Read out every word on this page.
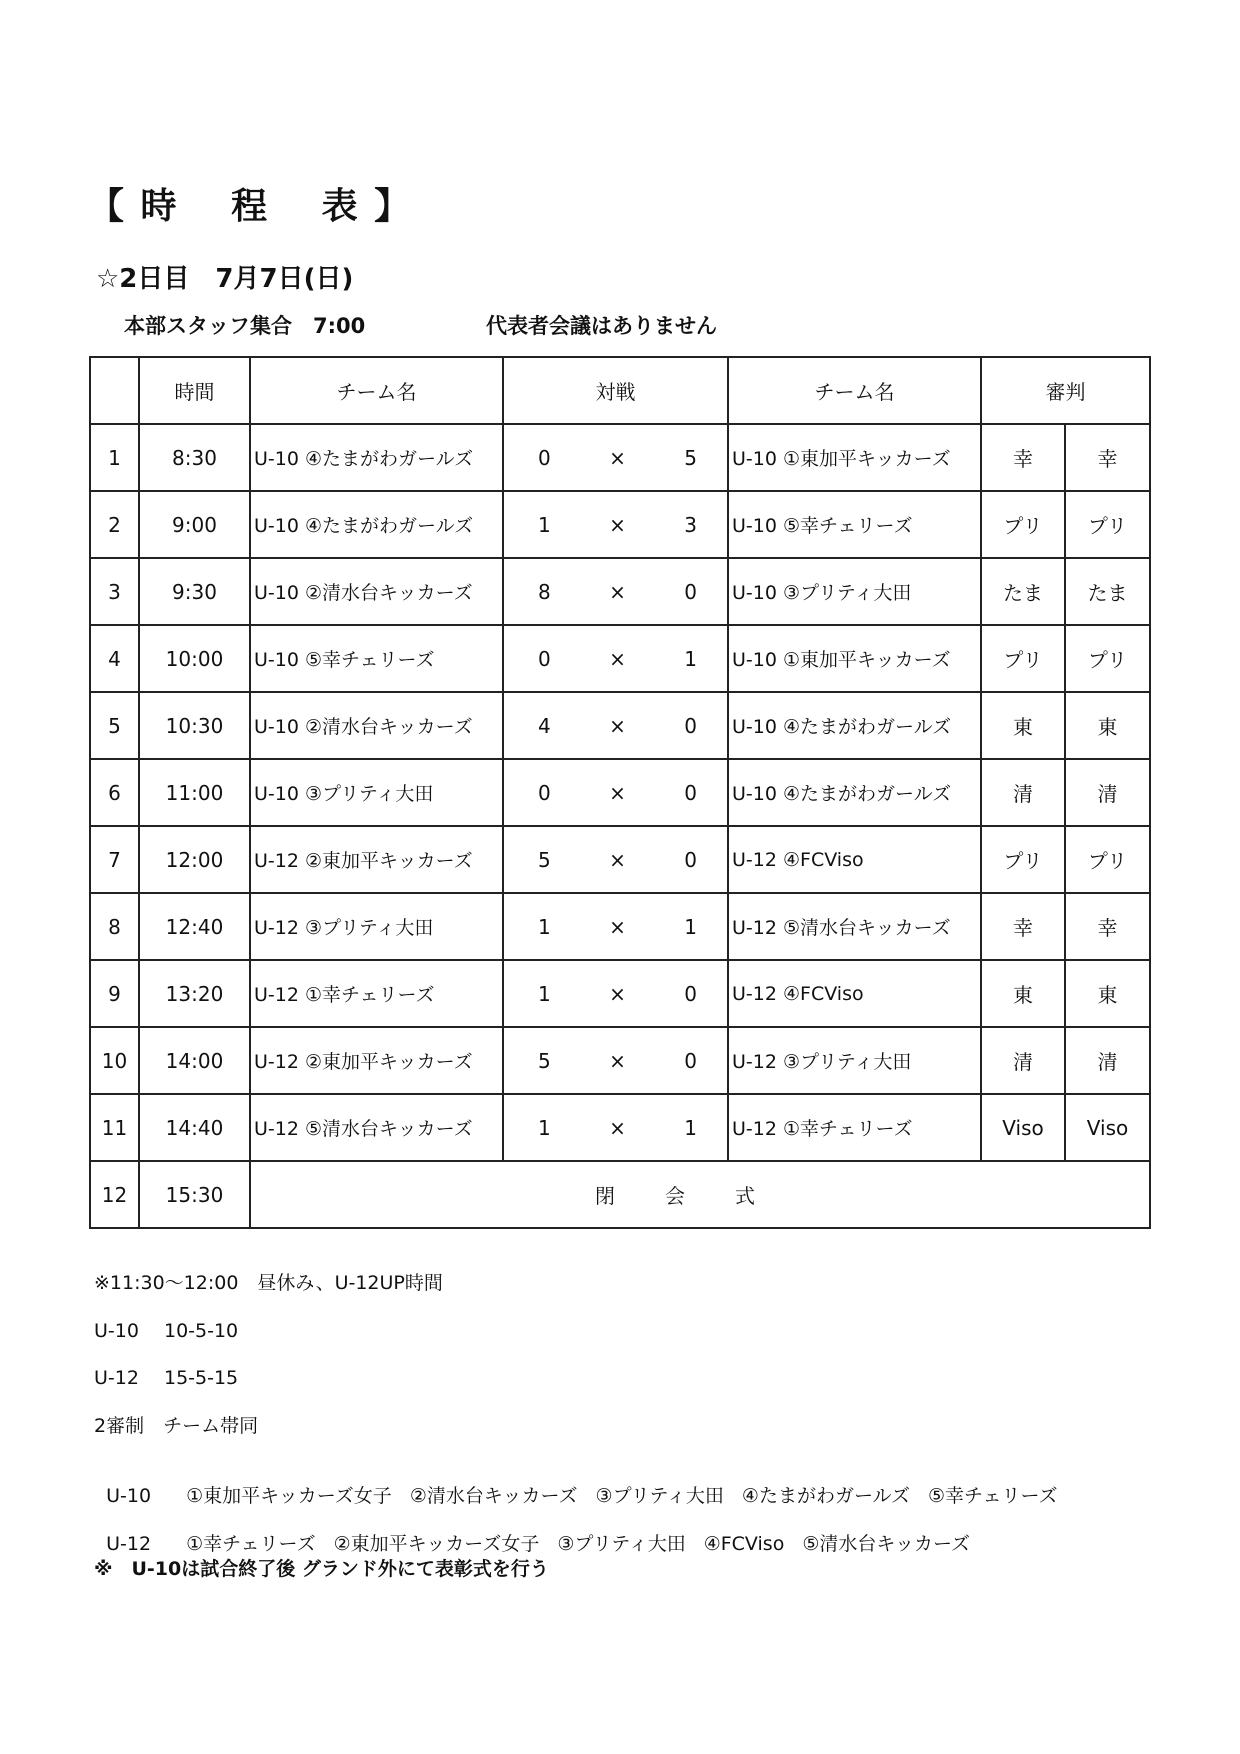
【 時　 程　 表 】
☆2日目　7月7日(日)
本部スタッフ集合　7:00	代表者会議はありません
	時間	チーム名	対戦	チーム名	審判	
1	8:30	U-10 ④たまがわガールズ	0 × 5	U-10 ①東加平キッカーズ	幸	幸
2	9:00	U-10 ④たまがわガールズ	1 × 3	U-10 ⑤幸チェリーズ	プリ	プリ
3	9:30	U-10 ②清水台キッカーズ	8 × 0	U-10 ③プリティ大田	たま	たま
4	10:00	U-10 ⑤幸チェリーズ	0 × 1	U-10 ①東加平キッカーズ	プリ	プリ
5	10:30	U-10 ②清水台キッカーズ	4 × 0	U-10 ④たまがわガールズ	東	東
6	11:00	U-10 ③プリティ大田	0 × 0	U-10 ④たまがわガールズ	清	清
7	12:00	U-12 ②東加平キッカーズ	5 × 0	U-12 ④FCViso	プリ	プリ
8	12:40	U-12 ③プリティ大田	1 × 1	U-12 ⑤清水台キッカーズ	幸	幸
9	13:20	U-12 ①幸チェリーズ	1 × 0	U-12 ④FCViso	東	東
10	14:00	U-12 ②東加平キッカーズ	5 × 0	U-12 ③プリティ大田	清	清
11	14:40	U-12 ⑤清水台キッカーズ	1 × 1	U-12 ①幸チェリーズ	Viso	Viso
12	15:30	閉会式				
※11:30〜12:00　昼休み、U-12UP時間
U-10　 10-5-10
U-12　 15-5-15
2審制　チーム帯同

U-10 ①東加平キッカーズ女子 ②清水台キッカーズ ③プリティ大田 ④たまがわガールズ ⑤幸チェリーズ

U-12 ①幸チェリーズ ②東加平キッカーズ女子 ③プリティ大田 ④FCViso ⑤清水台キッカーズ

※　U-10は試合終了後 グランド外にて表彰式を行う
